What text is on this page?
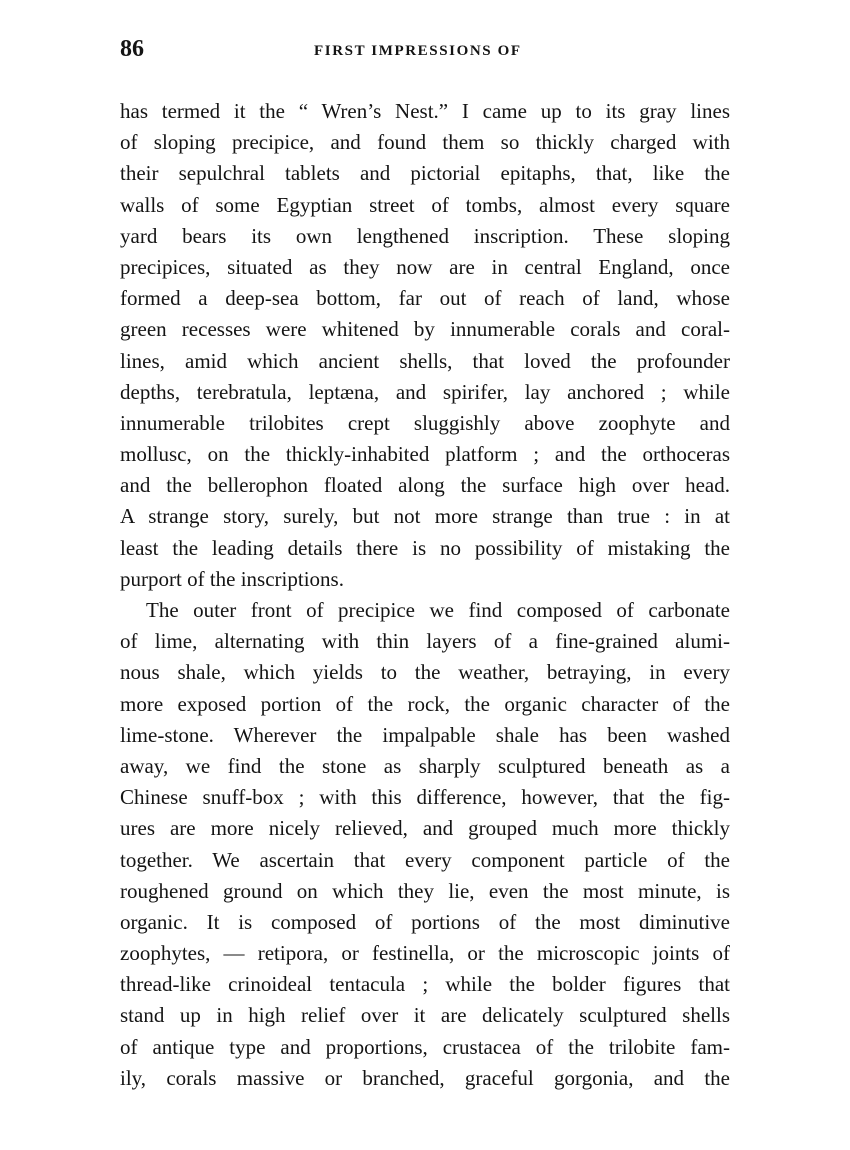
86	FIRST IMPRESSIONS OF
has termed it the “ Wren’s Nest.” I came up to its gray lines
of sloping precipice, and found them so thickly charged with
their sepulchral tablets and pictorial epitaphs, that, like the
walls of some Egyptian street of tombs, almost every square
yard bears its own lengthened inscription. These sloping
precipices, situated as they now are in central England, once
formed a deep-sea bottom, far out of reach of land, whose
green recesses were whitened by innumerable corals and coral-
lines, amid which ancient shells, that loved the profounder
depths, terebratula, leptæna, and spirifer, lay anchored ; while
innumerable trilobites crept sluggishly above zoophyte and
mollusc, on the thickly-inhabited platform ; and the orthoceras
and the bellerophon floated along the surface high over head.
A strange story, surely, but not more strange than true : in at
least the leading details there is no possibility of mistaking the
purport of the inscriptions.
The outer front of precipice we find composed of carbonate
of lime, alternating with thin layers of a fine-grained alumi-
nous shale, which yields to the weather, betraying, in every
more exposed portion of the rock, the organic character of the
lime-stone. Wherever the impalpable shale has been washed
away, we find the stone as sharply sculptured beneath as a
Chinese snuff-box ; with this difference, however, that the fig-
ures are more nicely relieved, and grouped much more thickly
together. We ascertain that every component particle of the
roughened ground on which they lie, even the most minute, is
organic. It is composed of portions of the most diminutive
zoophytes, — retipora, or festinella, or the microscopic joints of
thread-like crinoideal tentacula ; while the bolder figures that
stand up in high relief over it are delicately sculptured shells
of antique type and proportions, crustacea of the trilobite fam-
ily, corals massive or branched, graceful gorgonia, and the
